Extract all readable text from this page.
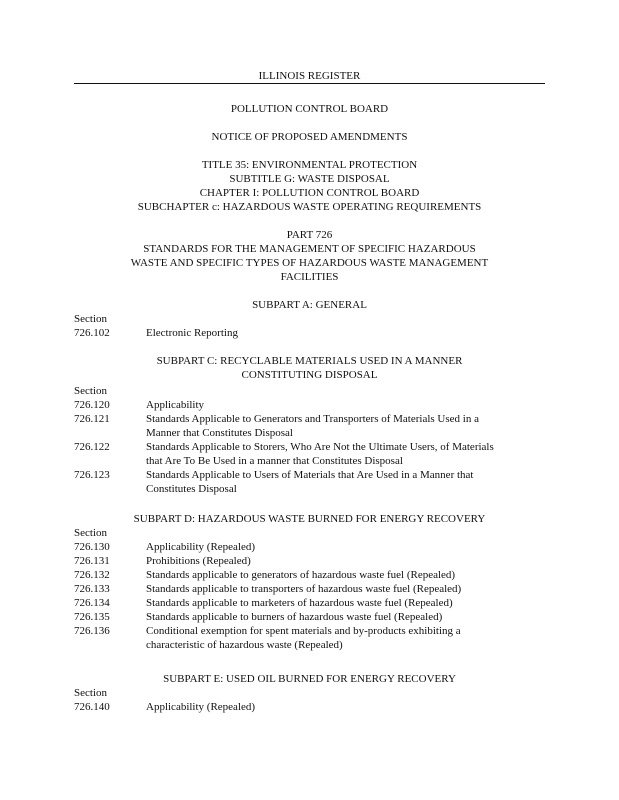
ILLINOIS REGISTER
POLLUTION CONTROL BOARD
NOTICE OF PROPOSED AMENDMENTS
TITLE 35: ENVIRONMENTAL PROTECTION
SUBTITLE G: WASTE DISPOSAL
CHAPTER I: POLLUTION CONTROL BOARD
SUBCHAPTER c: HAZARDOUS WASTE OPERATING REQUIREMENTS
PART 726
STANDARDS FOR THE MANAGEMENT OF SPECIFIC HAZARDOUS
WASTE AND SPECIFIC TYPES OF HAZARDOUS WASTE MANAGEMENT
FACILITIES
SUBPART A: GENERAL
Section
726.102	Electronic Reporting
SUBPART C: RECYCLABLE MATERIALS USED IN A MANNER
CONSTITUTING DISPOSAL
Section
726.120	Applicability
726.121	Standards Applicable to Generators and Transporters of Materials Used in a
Manner that Constitutes Disposal
726.122	Standards Applicable to Storers, Who Are Not the Ultimate Users, of Materials
that Are To Be Used in a manner that Constitutes Disposal
726.123	Standards Applicable to Users of Materials that Are Used in a Manner that
Constitutes Disposal
SUBPART D: HAZARDOUS WASTE BURNED FOR ENERGY RECOVERY
Section
726.130	Applicability (Repealed)
726.131	Prohibitions (Repealed)
726.132	Standards applicable to generators of hazardous waste fuel (Repealed)
726.133	Standards applicable to transporters of hazardous waste fuel (Repealed)
726.134	Standards applicable to marketers of hazardous waste fuel (Repealed)
726.135	Standards applicable to burners of hazardous waste fuel (Repealed)
726.136	Conditional exemption for spent materials and by-products exhibiting a
characteristic of hazardous waste (Repealed)
SUBPART E: USED OIL BURNED FOR ENERGY RECOVERY
Section
726.140	Applicability (Repealed)
